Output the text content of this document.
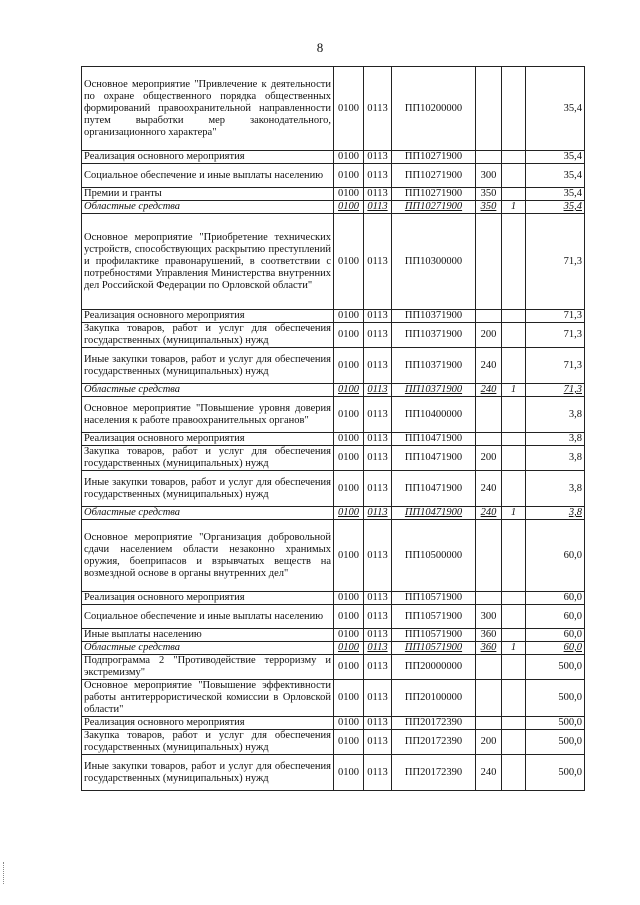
8
Основное мероприятие "Привлечение к деятельности по охране общественного порядка общественных формирований правоохранительной направленности путем выработки мер законодательного, организационного характера"	0100	0113	ПП10200000			35,4
Реализация основного мероприятия	0100	0113	ПП10271900			35,4
Социальное обеспечение и иные выплаты населению	0100	0113	ПП10271900	300		35,4
Премии и гранты	0100	0113	ПП10271900	350		35,4
Областные средства	0100	0113	ПП10271900	350	1	35,4
Основное мероприятие "Приобретение технических устройств, способствующих раскрытию преступлений и профилактике правонарушений, в соответствии с потребностями Управления Министерства внутренних дел Российской Федерации по Орловской области"	0100	0113	ПП10300000			71,3
Реализация основного мероприятия	0100	0113	ПП10371900			71,3
Закупка товаров, работ и услуг для обеспечения государственных (муниципальных) нужд	0100	0113	ПП10371900	200		71,3
Иные закупки товаров, работ и услуг для обеспечения государственных (муниципальных) нужд	0100	0113	ПП10371900	240		71,3
Областные средства	0100	0113	ПП10371900	240	1	71,3
Основное мероприятие "Повышение уровня доверия населения к работе правоохранительных органов"	0100	0113	ПП10400000			3,8
Реализация основного мероприятия	0100	0113	ПП10471900			3,8
Закупка товаров, работ и услуг для обеспечения государственных (муниципальных) нужд	0100	0113	ПП10471900	200		3,8
Иные закупки товаров, работ и услуг для обеспечения государственных (муниципальных) нужд	0100	0113	ПП10471900	240		3,8
Областные средства	0100	0113	ПП10471900	240	1	3,8
Основное мероприятие "Организация добровольной сдачи населением области незаконно хранимых оружия, боеприпасов и взрывчатых веществ на возмездной основе в органы внутренних дел"	0100	0113	ПП10500000			60,0
Реализация основного мероприятия	0100	0113	ПП10571900			60,0
Социальное обеспечение и иные выплаты населению	0100	0113	ПП10571900	300		60,0
Иные выплаты населению	0100	0113	ПП10571900	360		60,0
Областные средства	0100	0113	ПП10571900	360	1	60,0
Подпрограмма 2 "Противодействие терроризму и экстремизму"	0100	0113	ПП20000000			500,0
Основное мероприятие "Повышение эффективности работы антитеррористической комиссии в Орловской области"	0100	0113	ПП20100000			500,0
Реализация основного мероприятия	0100	0113	ПП20172390			500,0
Закупка товаров, работ и услуг для обеспечения государственных (муниципальных) нужд	0100	0113	ПП20172390	200		500,0
Иные закупки товаров, работ и услуг для обеспечения государственных (муниципальных) нужд	0100	0113	ПП20172390	240		500,0
